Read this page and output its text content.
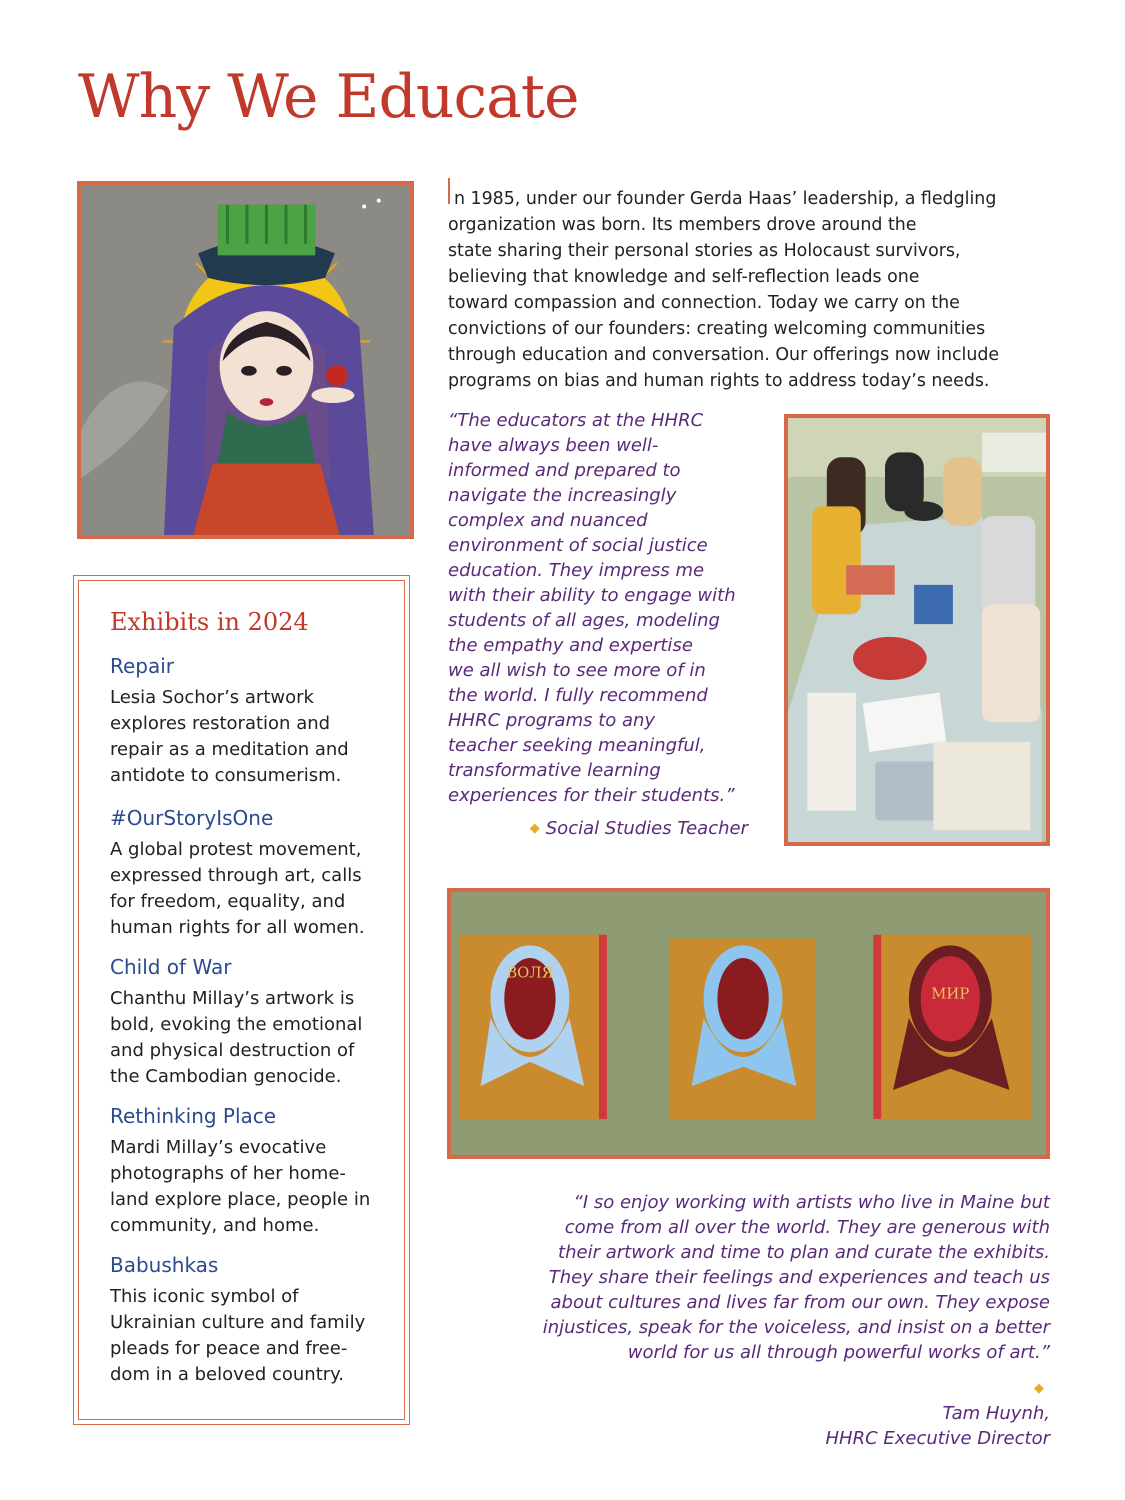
Why We Educate
n 1985, under our founder Gerda Haas’ leadership, a fledgling
organization was born. Its members drove around the
state sharing their personal stories as Holocaust survivors,
believing that knowledge and self-reflection leads one
toward compassion and connection. Today we carry on the
convictions of our founders: creating welcoming communities
through education and conversation. Our offerings now include
programs on bias and human rights to address today’s needs.

“The educators at the HHRC
have always been well-
informed and prepared to
navigate the increasingly
complex and nuanced
environment of social justice
education. They impress me
with their ability to engage with
students of all ages, modeling
the empathy and expertise
we all wish to see more of in
the world. I fully recommend
HHRC programs to any
teacher seeking meaningful,
transformative learning
experiences for their students.”

◆ Social Studies Teacher
Exhibits in 2024
Repair

Lesia Sochor’s artwork
explores restoration and
repair as a meditation and
antidote to consumerism.

#OurStoryIsOne

A global protest movement,
expressed through art, calls
for freedom, equality, and
human rights for all women.

Child of War

Chanthu Millay’s artwork is
bold, evoking the emotional
and physical destruction of
the Cambodian genocide.

Rethinking Place

Mardi Millay’s evocative
photographs of her home-
land explore place, people in
community, and home.

Babushkas

This iconic symbol of
Ukrainian culture and family
pleads for peace and free-
dom in a beloved country.

ВОЛЯ
МИР

“I so enjoy working with artists who live in Maine but
come from all over the world. They are generous with
their artwork and time to plan and curate the exhibits.
They share their feelings and experiences and teach us
about cultures and lives far from our own. They expose
injustices, speak for the voiceless, and insist on a better
world for us all through powerful works of art.”

◆
Tam Huynh,
HHRC Executive Director
